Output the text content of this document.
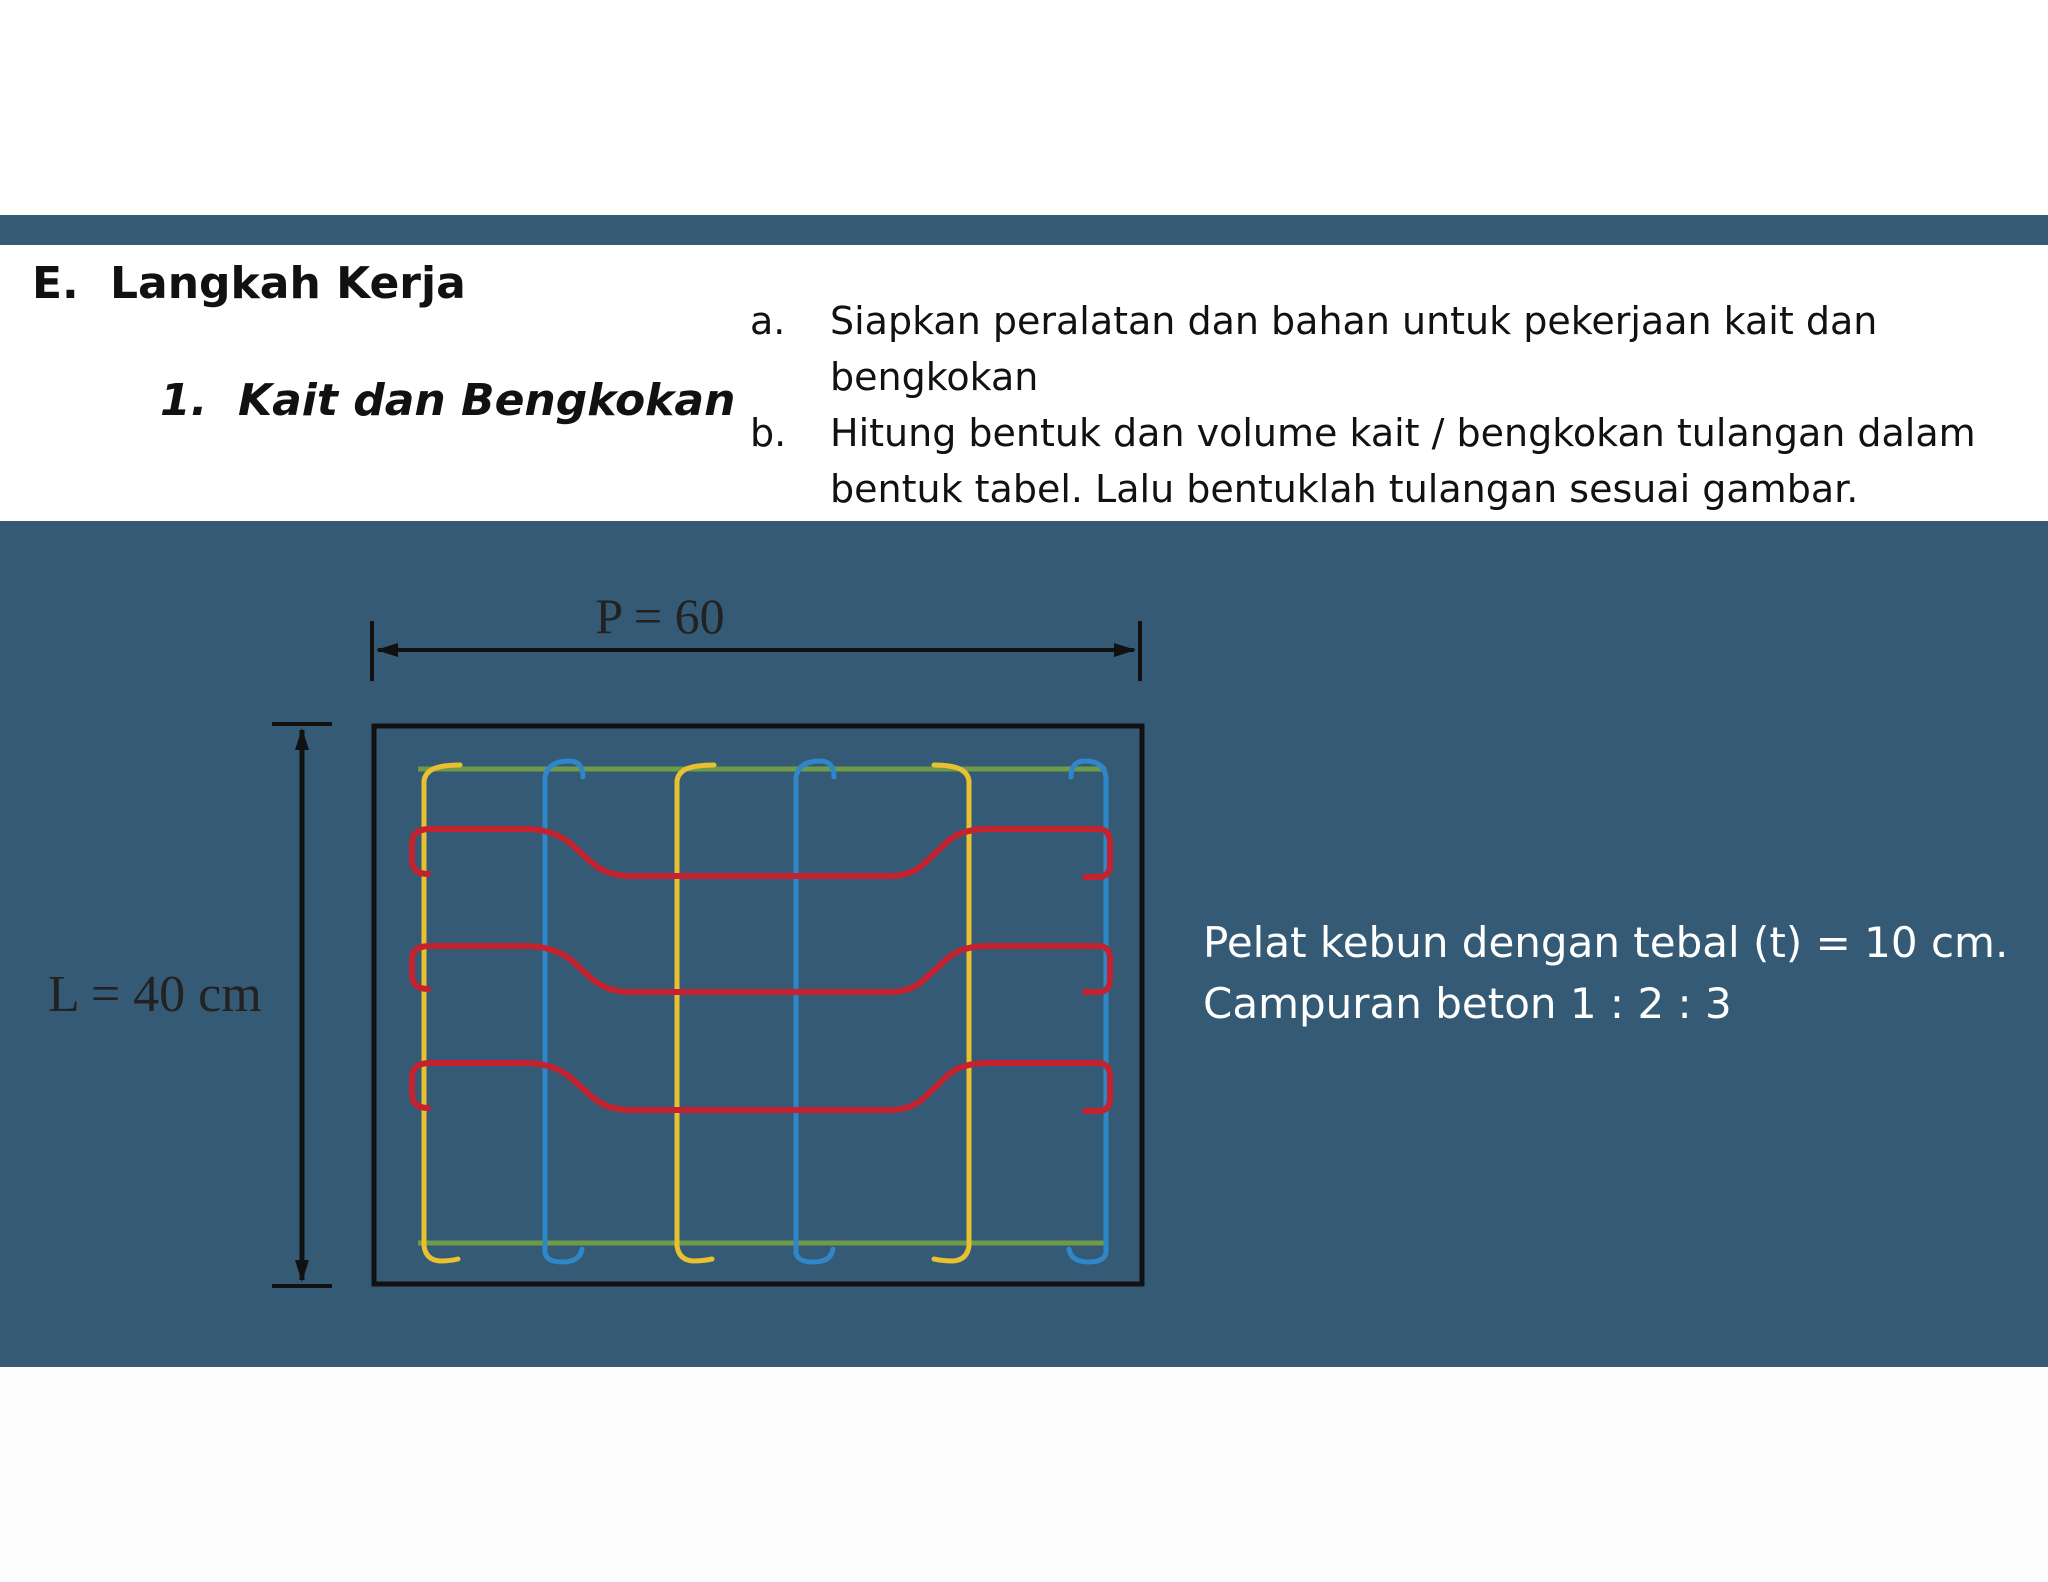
E. Langkah Kerja
1. Kait dan Bengkokan
a. Siapkan peralatan dan bahan untuk pekerjaan kait dan
bengkokan
b. Hitung bentuk dan volume kait / bengkokan tulangan dalam
bentuk tabel. Lalu bentuklah tulangan sesuai gambar.
P = 60
L = 40 cm
Pelat kebun dengan tebal (t) = 10 cm.
Campuran beton 1 : 2 : 3
